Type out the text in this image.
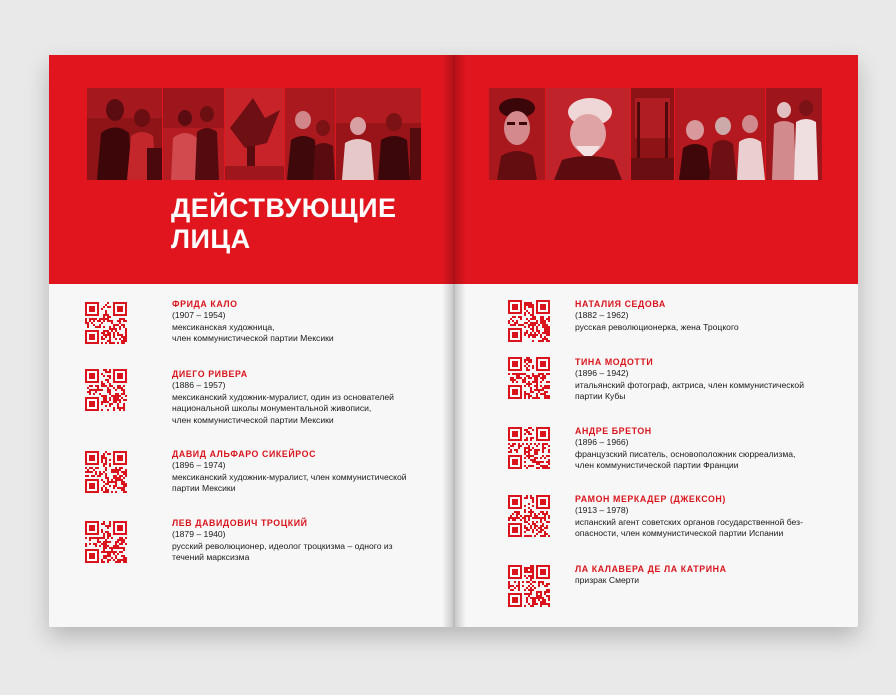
ДЕЙСТВУЮЩИЕ
ЛИЦА
ФРИДА КАЛО
(1907 – 1954)
мексиканская художница,
член коммунистической партии Мексики
ДИЕГО РИВЕРА
(1886 – 1957)
мексиканский художник-муралист, один из основателей
национальной школы монументальной живописи,
член коммунистической партии Мексики
ДАВИД АЛЬФАРО СИКЕЙРОС
(1896 – 1974)
мексиканский художник-муралист, член коммунистической
партии Мексики
ЛЕВ ДАВИДОВИЧ ТРОЦКИЙ
(1879 – 1940)
русский революционер, идеолог троцкизма – одного из
течений марксизма
НАТАЛИЯ СЕДОВА
(1882 – 1962)
русская революционерка, жена Троцкого
ТИНА МОДОТТИ
(1896 – 1942)
итальянский фотограф, актриса, член коммунистической
партии Кубы
АНДРЕ БРЕТОН
(1896 – 1966)
французский писатель, основоположник сюрреализма,
член коммунистической партии Франции
РАМОН МЕРКАДЕР (ДЖЕКСОН)
(1913 – 1978)
испанский агент советских органов государственной без-
опасности, член коммунистической партии Испании
ЛА КАЛАВЕРА ДЕ ЛА КАТРИНА
призрак Смерти
